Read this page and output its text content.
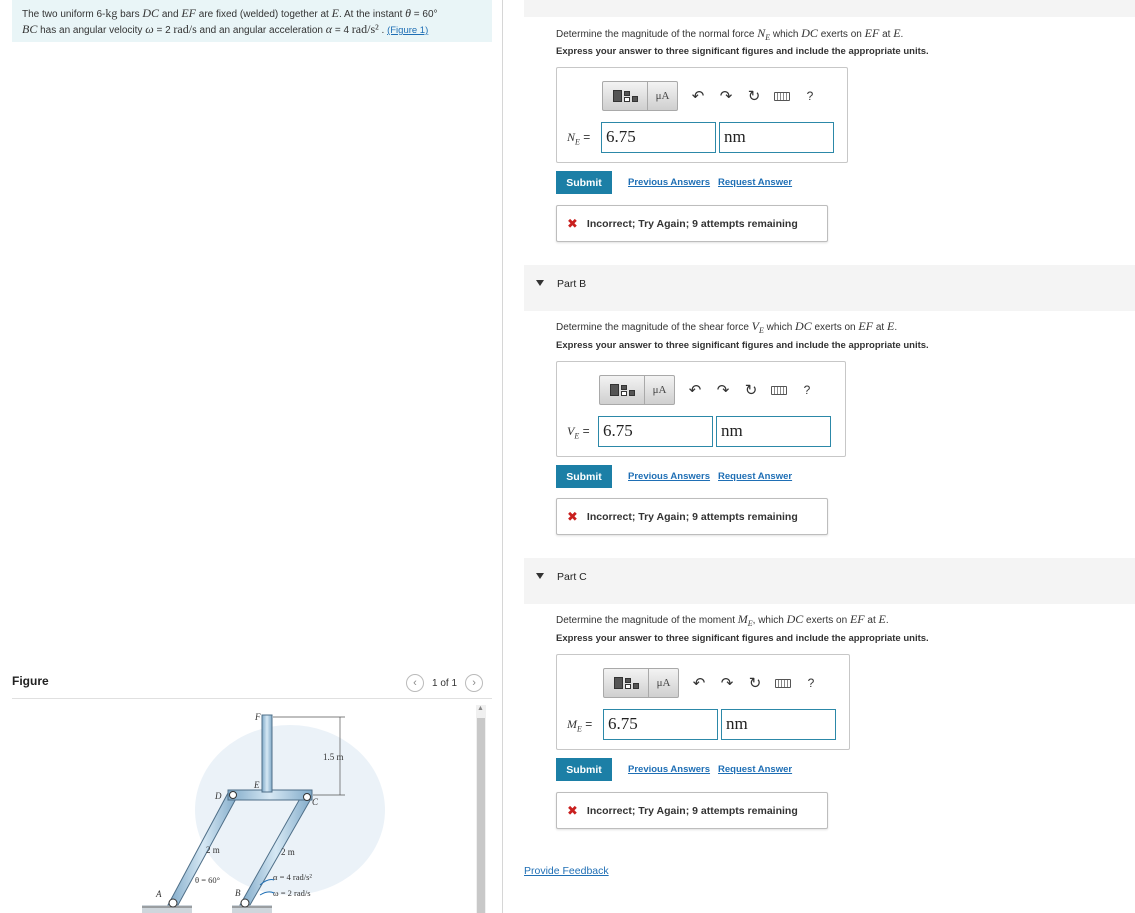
The two uniform 6-kg bars DC and EF are fixed (welded) together at E. At the instant θ = 60°
BC has an angular velocity ω = 2 rad/s and an angular acceleration α = 4 rad/s² . (Figure 1)
Figure	‹ 1 of 1 ›
▲
1.5 m
F
E
D
C
A	B
2 m	2 m
θ = 60°	α = 4 rad/s²
ω = 2 rad/s
Determine the magnitude of the normal force $N_E$ which DC exerts on EF at E.
Express your answer to three significant figures and include the appropriate units.
μA	↶	↷	↻	?
$N_E = 6.75$	nm
Submit	Previous Answers Request Answer
✖ Incorrect; Try Again; 9 attempts remaining
Part B
Determine the magnitude of the shear force $V_E$ which DC exerts on EF at E.
Express your answer to three significant figures and include the appropriate units.
μA	↶	↷	↻	?
$V_E = 6.75$	nm
Submit	Previous Answers Request Answer
✖ Incorrect; Try Again; 9 attempts remaining
Part C
Determine the magnitude of the moment $M_E$, which DC exerts on EF at E.
Express your answer to three significant figures and include the appropriate units.
μA	↶	↷	↻	?
$M_E = 6.75$	nm
Submit	Previous Answers Request Answer
✖ Incorrect; Try Again; 9 attempts remaining
Provide Feedback
